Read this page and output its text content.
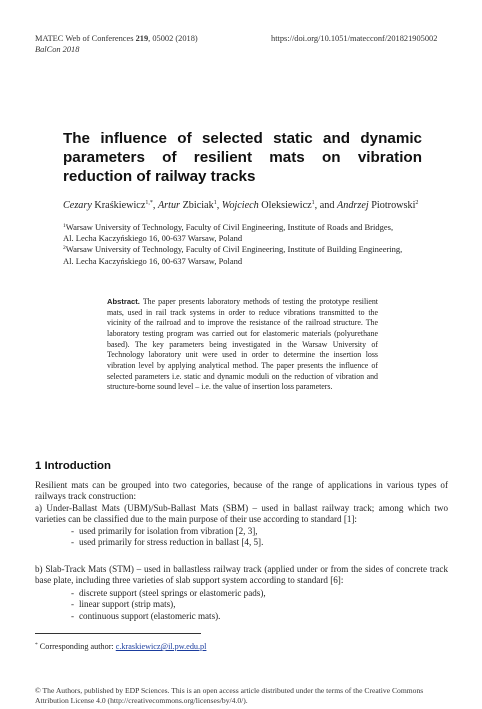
MATEC Web of Conferences 219, 05002 (2018)
BalCon 2018
https://doi.org/10.1051/matecconf/201821905002
The influence of selected static and dynamic parameters of resilient mats on vibration reduction of railway tracks
Cezary Kraśkiewicz$^{1,*}$, Artur Zbiciak$^1$, Wojciech Oleksiewicz$^1$, and Andrzej Piotrowski$^2$
$^1$Warsaw University of Technology, Faculty of Civil Engineering, Institute of Roads and Bridges,
Al. Lecha Kaczyńskiego 16, 00-637 Warsaw, Poland
$^2$Warsaw University of Technology, Faculty of Civil Engineering, Institute of Building Engineering,
Al. Lecha Kaczyńskiego 16, 00-637 Warsaw, Poland

Abstract. The paper presents laboratory methods of testing the prototype resilient mats, used in rail track systems in order to reduce vibrations transmitted to the vicinity of the railroad and to improve the resistance of the railroad structure. The laboratory testing program was carried out for elastomeric materials (polyurethane based). The key parameters being investigated in the Warsaw University of Technology laboratory unit were used in order to determine the insertion loss vibration level by applying analytical method. The paper presents the influence of selected parameters i.e. static and dynamic moduli on the reduction of vibration and structure-borne sound level – i.e. the value of insertion loss parameters.

1 Introduction

Resilient mats can be grouped into two categories, because of the range of applications in various types of railways track construction:

a) Under-Ballast Mats (UBM)/Sub-Ballast Mats (SBM) – used in ballast railway track; among which two varieties can be classified due to the main purpose of their use according to standard [1]:

- used primarily for isolation from vibration [2, 3],
- used primarily for stress reduction in ballast [4, 5].

b) Slab-Track Mats (STM) – used in ballastless railway track (applied under or from the sides of concrete track base plate, including three varieties of slab support system according to standard [6]:

- discrete support (steel springs or elastomeric pads),
- linear support (strip mats),
- continuous support (elastomeric mats).
* Corresponding author: c.kraskiewicz@il.pw.edu.pl

© The Authors, published by EDP Sciences. This is an open access article distributed under the terms of the Creative Commons Attribution License 4.0 (http://creativecommons.org/licenses/by/4.0/).
